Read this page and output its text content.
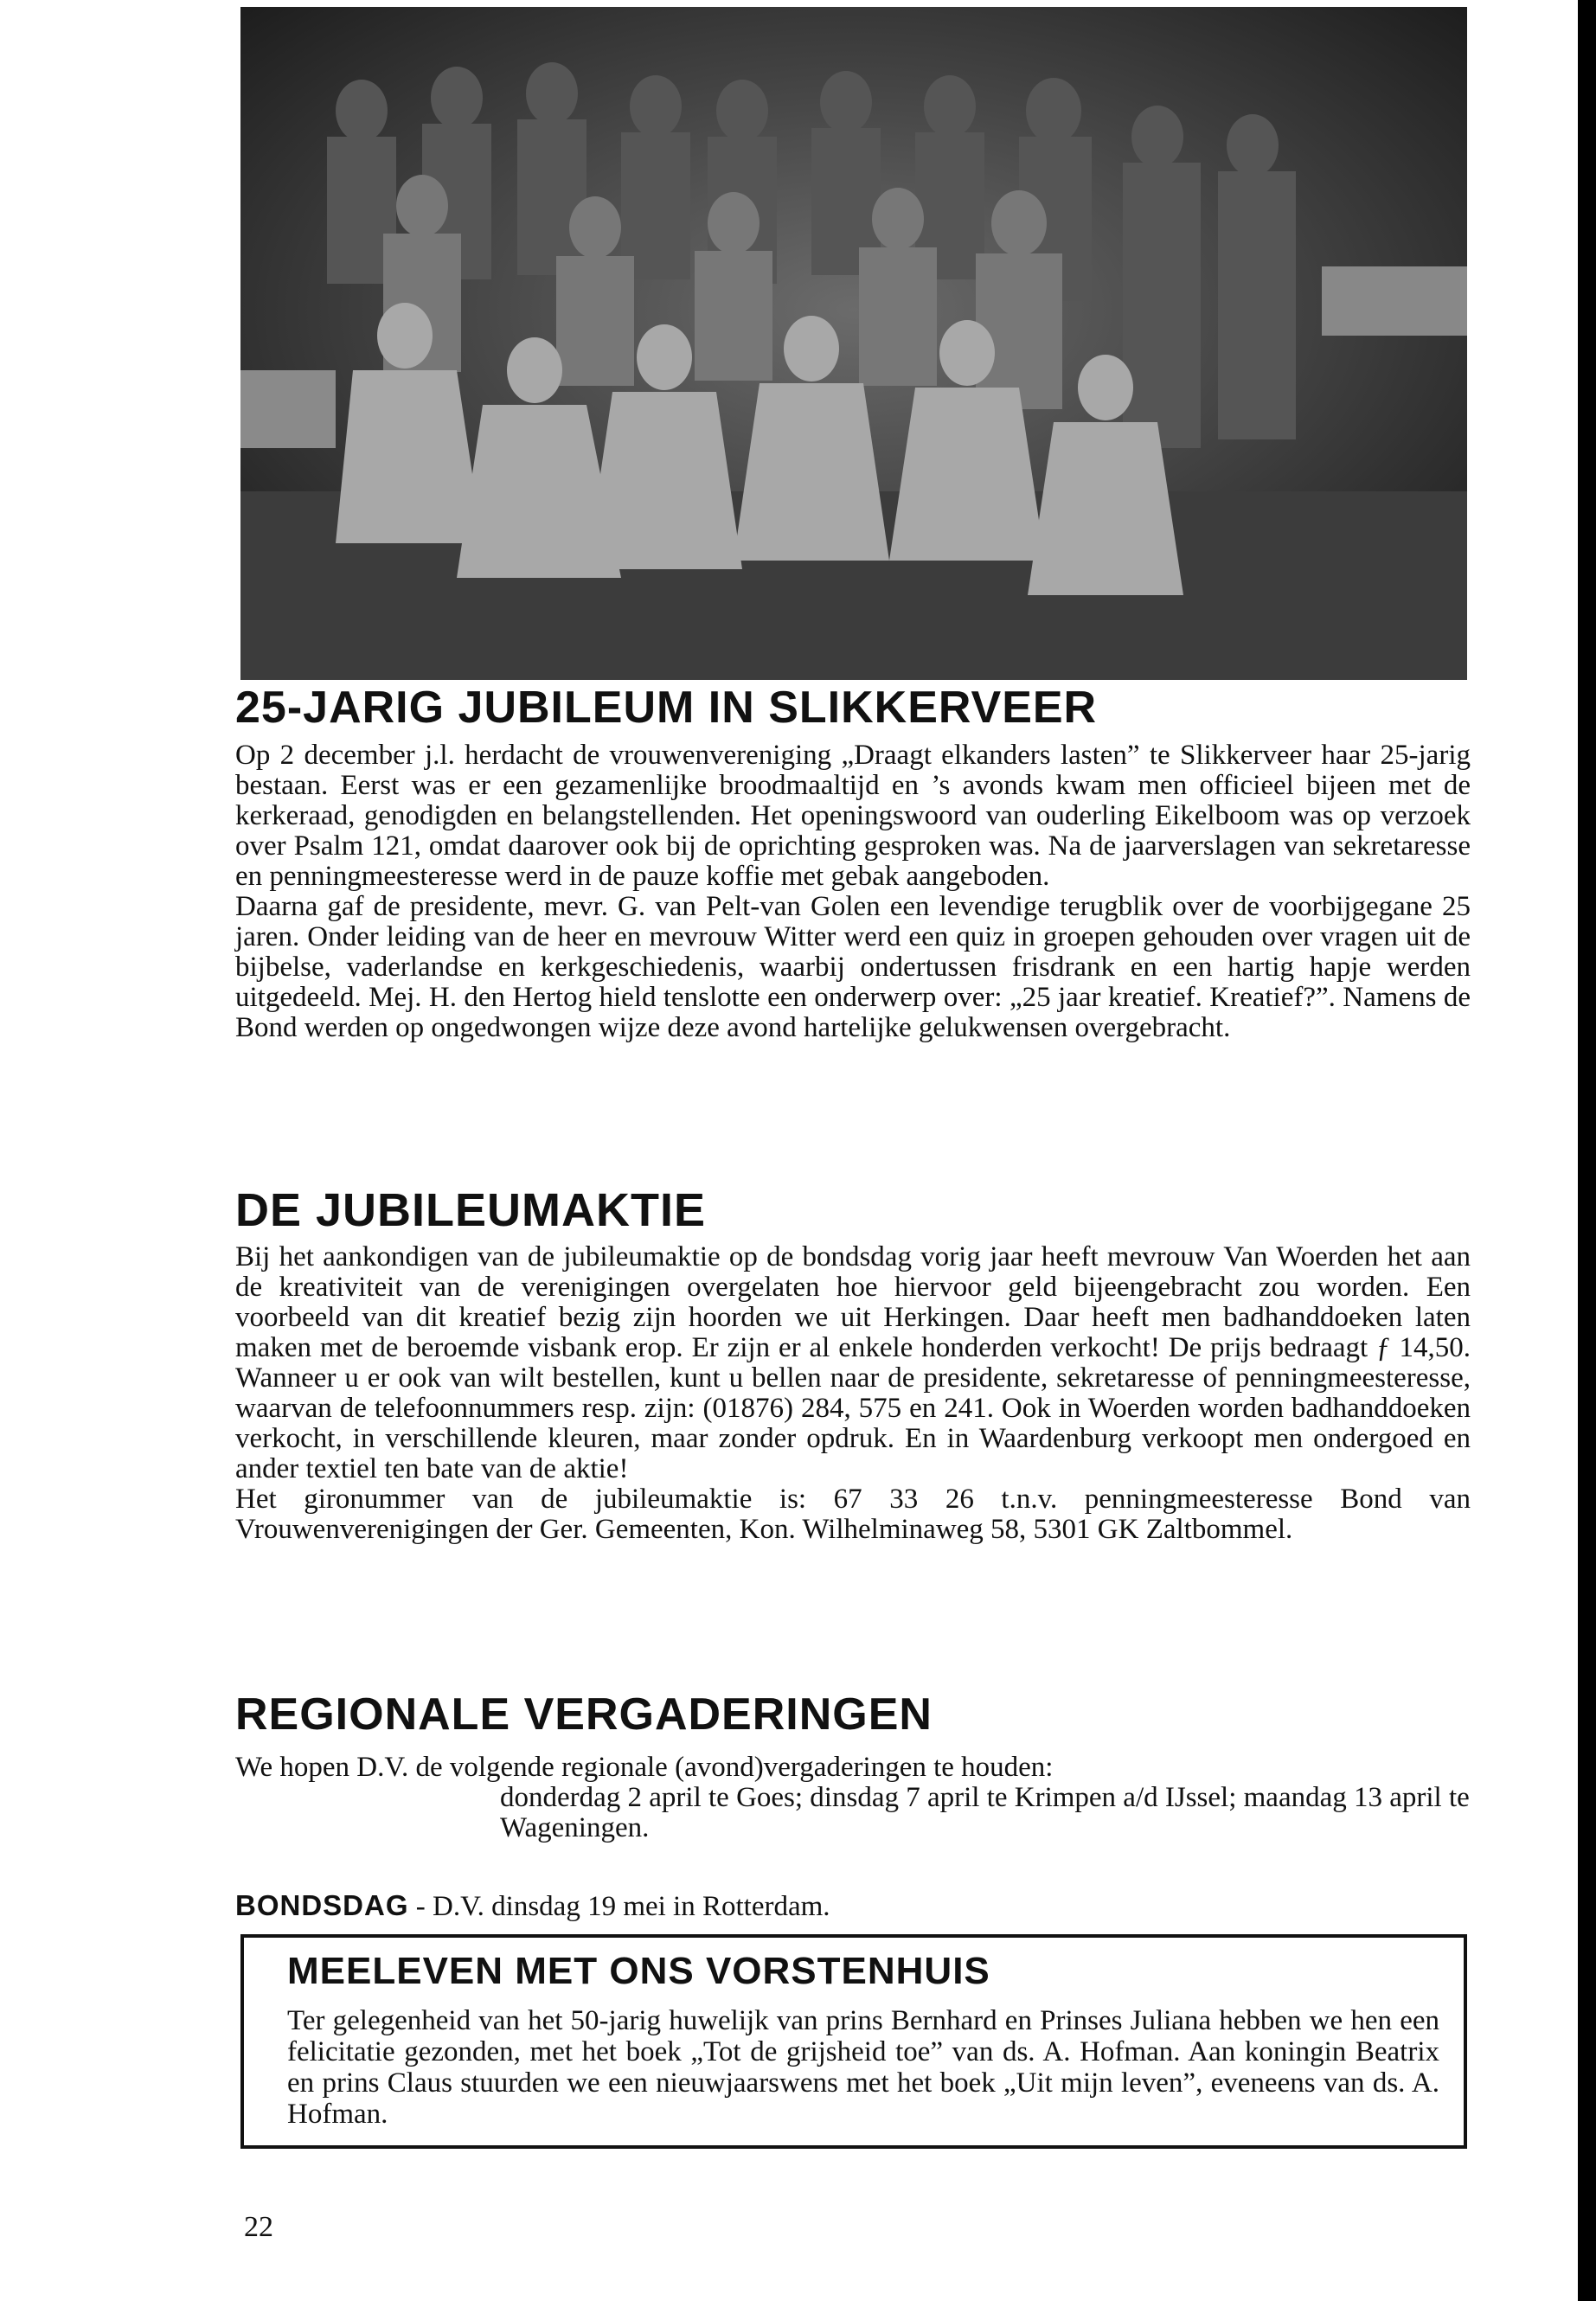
25-JARIG JUBILEUM IN SLIKKERVEER

Op 2 december j.l. herdacht de vrouwenvereniging „Draagt elkanders lasten” te Slikkerveer haar 25-jarig bestaan. Eerst was er een gezamenlijke broodmaaltijd en ’s avonds kwam men officieel bijeen met de kerkeraad, genodigden en belangstellenden. Het openingswoord van ouderling Eikelboom was op verzoek over Psalm 121, omdat daarover ook bij de oprichting gesproken was. Na de jaarverslagen van sekretaresse en penningmeesteresse werd in de pauze koffie met gebak aangeboden.

Daarna gaf de presidente, mevr. G. van Pelt-van Golen een levendige terugblik over de voorbijgegane 25 jaren. Onder leiding van de heer en mevrouw Witter werd een quiz in groepen gehouden over vragen uit de bijbelse, vaderlandse en kerkgeschiedenis, waarbij ondertussen frisdrank en een hartig hapje werden uitgedeeld. Mej. H. den Hertog hield tenslotte een onderwerp over: „25 jaar kreatief. Kreatief?”. Namens de Bond werden op ongedwongen wijze deze avond hartelijke gelukwensen overgebracht.

DE JUBILEUMAKTIE

Bij het aankondigen van de jubileumaktie op de bondsdag vorig jaar heeft mevrouw Van Woerden het aan de kreativiteit van de verenigingen overgelaten hoe hiervoor geld bijeengebracht zou worden. Een voorbeeld van dit kreatief bezig zijn hoorden we uit Herkingen. Daar heeft men badhanddoeken laten maken met de beroemde visbank erop. Er zijn er al enkele honderden verkocht! De prijs bedraagt ƒ 14,50. Wanneer u er ook van wilt bestellen, kunt u bellen naar de presidente, sekretaresse of penningmeesteresse, waarvan de telefoonnummers resp. zijn: (01876) 284, 575 en 241. Ook in Woerden worden badhanddoeken verkocht, in verschillende kleuren, maar zonder opdruk. En in Waardenburg verkoopt men ondergoed en ander textiel ten bate van de aktie!

Het gironummer van de jubileumaktie is: 67 33 26 t.n.v. penningmeesteresse Bond van Vrouwenverenigingen der Ger. Gemeenten, Kon. Wilhelminaweg 58, 5301 GK Zaltbommel.

REGIONALE VERGADERINGEN

We hopen D.V. de volgende regionale (avond)vergaderingen te houden:

donderdag 2 april te Goes; dinsdag 7 april te Krimpen a/d IJssel; maandag 13 april te Wageningen.

BONDSDAG - D.V. dinsdag 19 mei in Rotterdam.
MEELEVEN MET ONS VORSTENHUIS

Ter gelegenheid van het 50-jarig huwelijk van prins Bernhard en Prinses Juliana hebben we hen een felicitatie gezonden, met het boek „Tot de grijsheid toe” van ds. A. Hofman. Aan koningin Beatrix en prins Claus stuurden we een nieuwjaarswens met het boek „Uit mijn leven”, eveneens van ds. A. Hofman.

22
